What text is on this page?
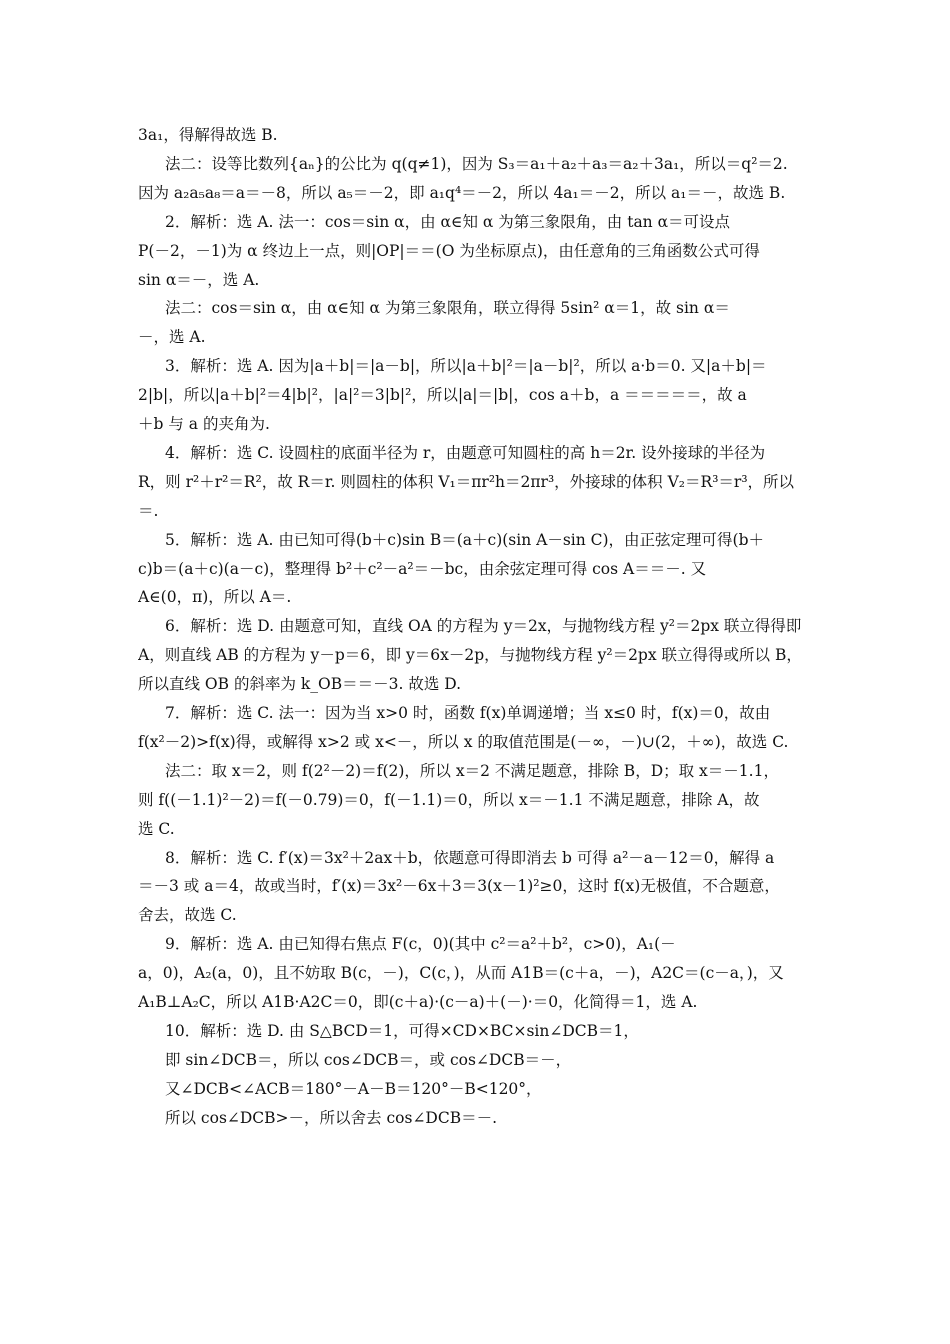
3a₁，得解得故选 B.
法二：设等比数列{aₙ}的公比为 q(q≠1)，因为 S₃＝a₁＋a₂＋a₃＝a₂＋3a₁，所以＝q²＝2.
因为 a₂a₅a₈＝a＝－8，所以 a₅＝－2，即 a₁q⁴＝－2，所以 4a₁＝－2，所以 a₁＝－，故选 B.
2．解析：选 A. 法一：cos＝sin α，由 α∈知 α 为第三象限角，由 tan α＝可设点
P(－2，－1)为 α 终边上一点，则|OP|＝＝(O 为坐标原点)，由任意角的三角函数公式可得
sin α＝－，选 A.
法二：cos＝sin α，由 α∈知 α 为第三象限角，联立得得 5sin² α＝1，故 sin α＝
－，选 A.
3．解析：选 A. 因为|a＋b|＝|a－b|，所以|a＋b|²＝|a－b|²，所以 a·b＝0. 又|a＋b|＝
2|b|，所以|a＋b|²＝4|b|²，|a|²＝3|b|²，所以|a|＝|b|，cos a＋b，a ＝＝＝＝＝，故 a
＋b 与 a 的夹角为.
4．解析：选 C. 设圆柱的底面半径为 r，由题意可知圆柱的高 h＝2r. 设外接球的半径为
R，则 r²＋r²＝R²，故 R＝r. 则圆柱的体积 V₁＝πr²h＝2πr³，外接球的体积 V₂＝R³＝r³，所以
＝.
5．解析：选 A. 由已知可得(b＋c)sin B＝(a＋c)(sin A－sin C)，由正弦定理可得(b＋
c)b＝(a＋c)(a－c)，整理得 b²＋c²－a²＝－bc，由余弦定理可得 cos A＝＝－. 又
A∈(0，π)，所以 A＝.
6．解析：选 D. 由题意可知，直线 OA 的方程为 y＝2x，与抛物线方程 y²＝2px 联立得得即
A，则直线 AB 的方程为 y－p＝6，即 y＝6x－2p，与抛物线方程 y²＝2px 联立得得或所以 B，
所以直线 OB 的斜率为 k_OB＝＝－3. 故选 D.
7．解析：选 C. 法一：因为当 x>0 时，函数 f(x)单调递增；当 x≤0 时，f(x)＝0，故由
f(x²－2)>f(x)得，或解得 x>2 或 x<－，所以 x 的取值范围是(－∞，－)∪(2，＋∞)，故选 C.
法二：取 x＝2，则 f(2²－2)＝f(2)，所以 x＝2 不满足题意，排除 B，D；取 x＝－1.1，
则 f((－1.1)²－2)＝f(－0.79)＝0，f(－1.1)＝0，所以 x＝－1.1 不满足题意，排除 A，故
选 C.
8．解析：选 C. f′(x)＝3x²＋2ax＋b，依题意可得即消去 b 可得 a²－a－12＝0，解得 a
＝－3 或 a＝4，故或当时，f′(x)＝3x²－6x＋3＝3(x－1)²≥0，这时 f(x)无极值，不合题意，
舍去，故选 C.
9．解析：选 A. 由已知得右焦点 F(c，0)(其中 c²＝a²＋b²，c>0)，A₁(－
a，0)，A₂(a，0)，且不妨取 B(c，－)，C(c，)，从而 A1B＝(c＋a，－)，A2C＝(c－a，)，又
A₁B⊥A₂C，所以 A1B·A2C＝0，即(c＋a)·(c－a)＋(－)·＝0，化简得＝1，选 A.
10．解析：选 D. 由 S△BCD＝1，可得×CD×BC×sin∠DCB＝1，
即 sin∠DCB＝，所以 cos∠DCB＝，或 cos∠DCB＝－，
又∠DCB<∠ACB＝180°－A－B＝120°－B<120°，
所以 cos∠DCB>－，所以舍去 cos∠DCB＝－.
